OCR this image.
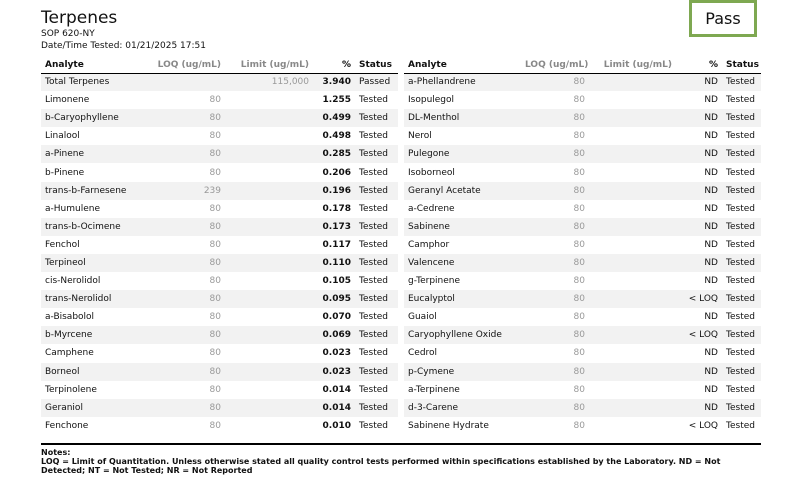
Terpenes
SOP 620-NY
Date/Time Tested: 01/21/2025 17:51
Pass
Analyte	LOQ (ug/mL)	Limit (ug/mL)	%	Status
Total Terpenes		115,000	3.940	Passed
Limonene	80		1.255	Tested
b-Caryophyllene	80		0.499	Tested
Linalool	80		0.498	Tested
a-Pinene	80		0.285	Tested
b-Pinene	80		0.206	Tested
trans-b-Farnesene	239		0.196	Tested
a-Humulene	80		0.178	Tested
trans-b-Ocimene	80		0.173	Tested
Fenchol	80		0.117	Tested
Terpineol	80		0.110	Tested
cis-Nerolidol	80		0.105	Tested
trans-Nerolidol	80		0.095	Tested
a-Bisabolol	80		0.070	Tested
b-Myrcene	80		0.069	Tested
Camphene	80		0.023	Tested
Borneol	80		0.023	Tested
Terpinolene	80		0.014	Tested
Geraniol	80		0.014	Tested
Fenchone	80		0.010	Tested
Analyte	LOQ (ug/mL)	Limit (ug/mL)	%	Status
a-Phellandrene	80		ND	Tested
Isopulegol	80		ND	Tested
DL-Menthol	80		ND	Tested
Nerol	80		ND	Tested
Pulegone	80		ND	Tested
Isoborneol	80		ND	Tested
Geranyl Acetate	80		ND	Tested
a-Cedrene	80		ND	Tested
Sabinene	80		ND	Tested
Camphor	80		ND	Tested
Valencene	80		ND	Tested
g-Terpinene	80		ND	Tested
Eucalyptol	80		< LOQ	Tested
Guaiol	80		ND	Tested
Caryophyllene Oxide	80		< LOQ	Tested
Cedrol	80		ND	Tested
p-Cymene	80		ND	Tested
a-Terpinene	80		ND	Tested
d-3-Carene	80		ND	Tested
Sabinene Hydrate	80		< LOQ	Tested
Notes:
LOQ = Limit of Quantitation. Unless otherwise stated all quality control tests performed within specifications established by the Laboratory. ND = Not Detected; NT = Not Tested; NR = Not Reported
